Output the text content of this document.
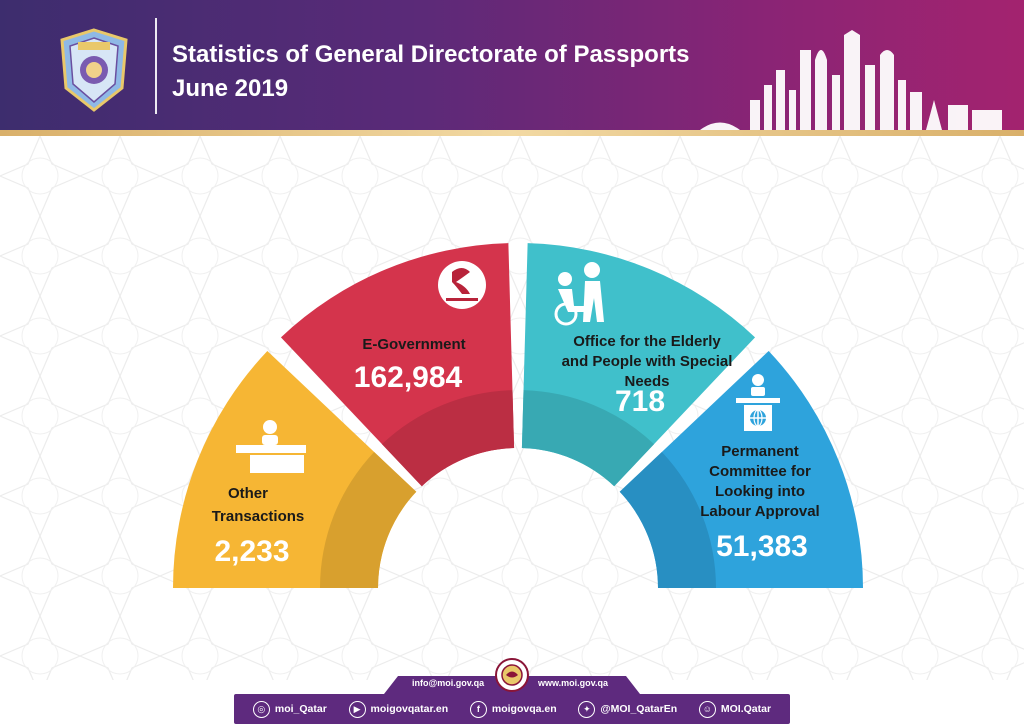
Statistics of General Directorate of Passports
June 2019
Other
Transactions
2,233
E-Government
162,984
Office for the Elderly
and People with Special
Needs
718
Permanent
Committee for
Looking into
Labour Approval
51,383
info@moi.gov.qa	www.moi.gov.qa
◎ moi_Qatar	▶ moigovqatar.en	f	moigovqa.en	✦ @MOI_QatarEn	☺ MOI.Qatar
